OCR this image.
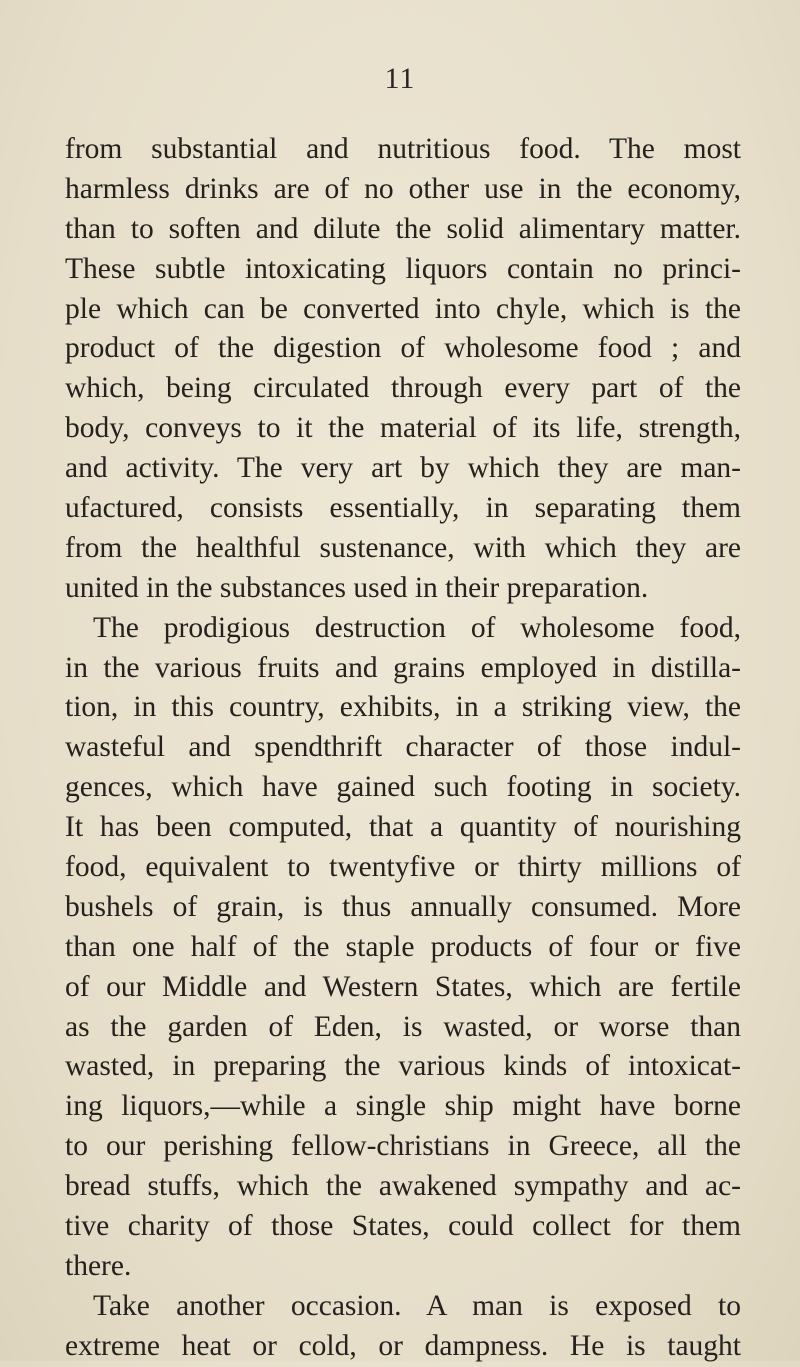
11
from substantial and nutritious food. The most
harmless drinks are of no other use in the economy,
than to soften and dilute the solid alimentary matter.
These subtle intoxicating liquors contain no princi-
ple which can be converted into chyle, which is the
product of the digestion of wholesome food ; and
which, being circulated through every part of the
body, conveys to it the material of its life, strength,
and activity. The very art by which they are man-
ufactured, consists essentially, in separating them
from the healthful sustenance, with which they are
united in the substances used in their preparation.
The prodigious destruction of wholesome food,
in the various fruits and grains employed in distilla-
tion, in this country, exhibits, in a striking view, the
wasteful and spendthrift character of those indul-
gences, which have gained such footing in society.
It has been computed, that a quantity of nourishing
food, equivalent to twentyfive or thirty millions of
bushels of grain, is thus annually consumed. More
than one half of the staple products of four or five
of our Middle and Western States, which are fertile
as the garden of Eden, is wasted, or worse than
wasted, in preparing the various kinds of intoxicat-
ing liquors,—while a single ship might have borne
to our perishing fellow-christians in Greece, all the
bread stuffs, which the awakened sympathy and ac-
tive charity of those States, could collect for them
there.
Take another occasion. A man is exposed to
extreme heat or cold, or dampness. He is taught
